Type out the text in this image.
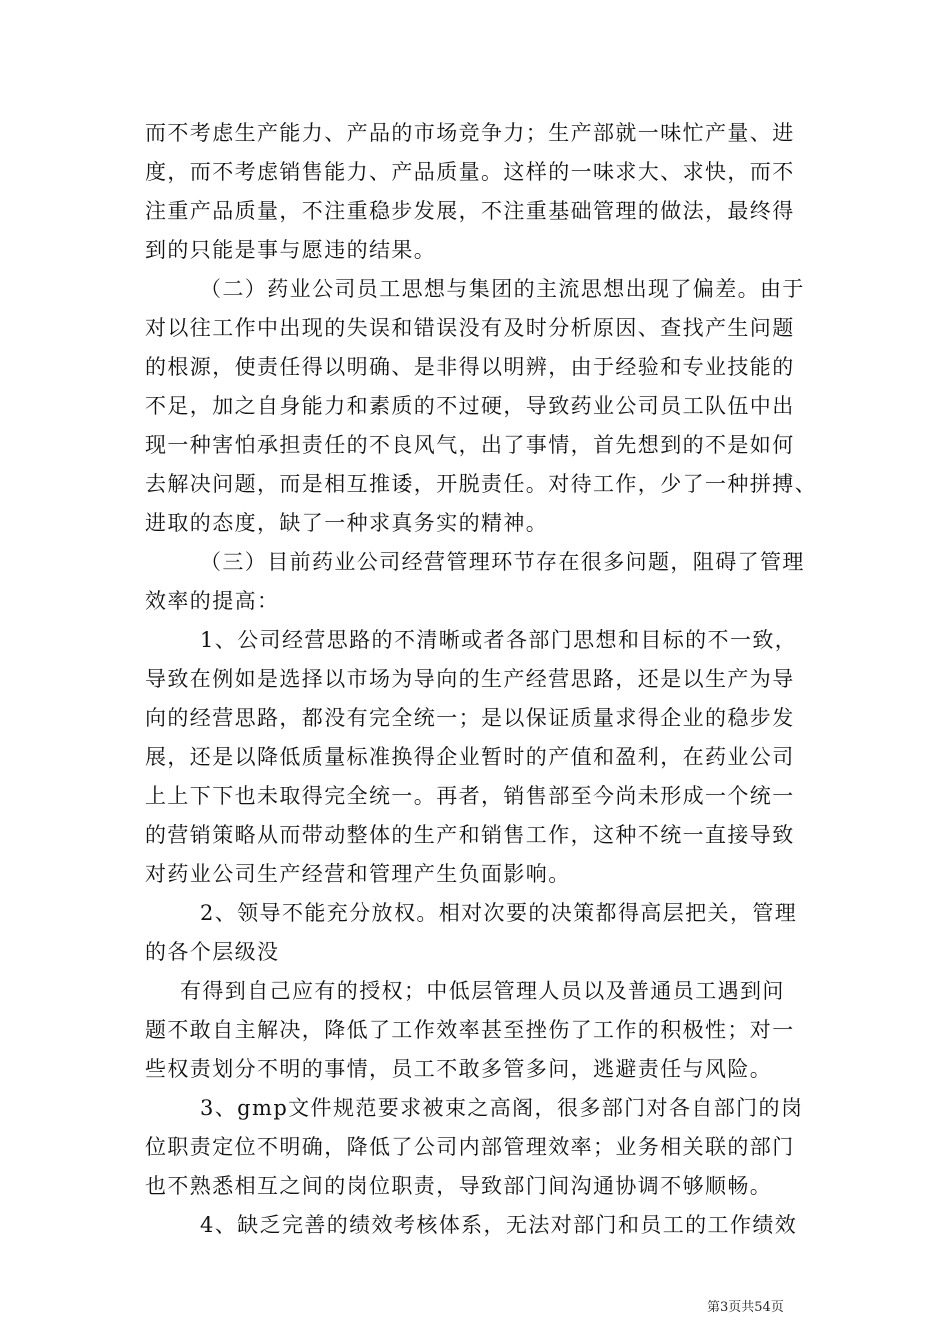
而不考虑生产能力、产品的市场竞争力；生产部就一味忙产量、进
度，而不考虑销售能力、产品质量。这样的一味求大、求快，而不
注重产品质量，不注重稳步发展，不注重基础管理的做法，最终得
到的只能是事与愿违的结果。
（二）药业公司员工思想与集团的主流思想出现了偏差。由于
对以往工作中出现的失误和错误没有及时分析原因、查找产生问题
的根源，使责任得以明确、是非得以明辨，由于经验和专业技能的
不足，加之自身能力和素质的不过硬，导致药业公司员工队伍中出
现一种害怕承担责任的不良风气，出了事情，首先想到的不是如何
去解决问题，而是相互推诿，开脱责任。对待工作，少了一种拼搏、
进取的态度，缺了一种求真务实的精神。
（三）目前药业公司经营管理环节存在很多问题，阻碍了管理
效率的提高：
1、公司经营思路的不清晰或者各部门思想和目标的不一致，
导致在例如是选择以市场为导向的生产经营思路，还是以生产为导
向的经营思路，都没有完全统一；是以保证质量求得企业的稳步发
展，还是以降低质量标准换得企业暂时的产值和盈利，在药业公司
上上下下也未取得完全统一。再者，销售部至今尚未形成一个统一
的营销策略从而带动整体的生产和销售工作，这种不统一直接导致
对药业公司生产经营和管理产生负面影响。
2、领导不能充分放权。相对次要的决策都得高层把关，管理
的各个层级没
有得到自己应有的授权；中低层管理人员以及普通员工遇到问
题不敢自主解决，降低了工作效率甚至挫伤了工作的积极性；对一
些权责划分不明的事情，员工不敢多管多问，逃避责任与风险。
3、gmp文件规范要求被束之高阁，很多部门对各自部门的岗
位职责定位不明确，降低了公司内部管理效率；业务相关联的部门
也不熟悉相互之间的岗位职责，导致部门间沟通协调不够顺畅。
4、缺乏完善的绩效考核体系，无法对部门和员工的工作绩效
第3页共54页
